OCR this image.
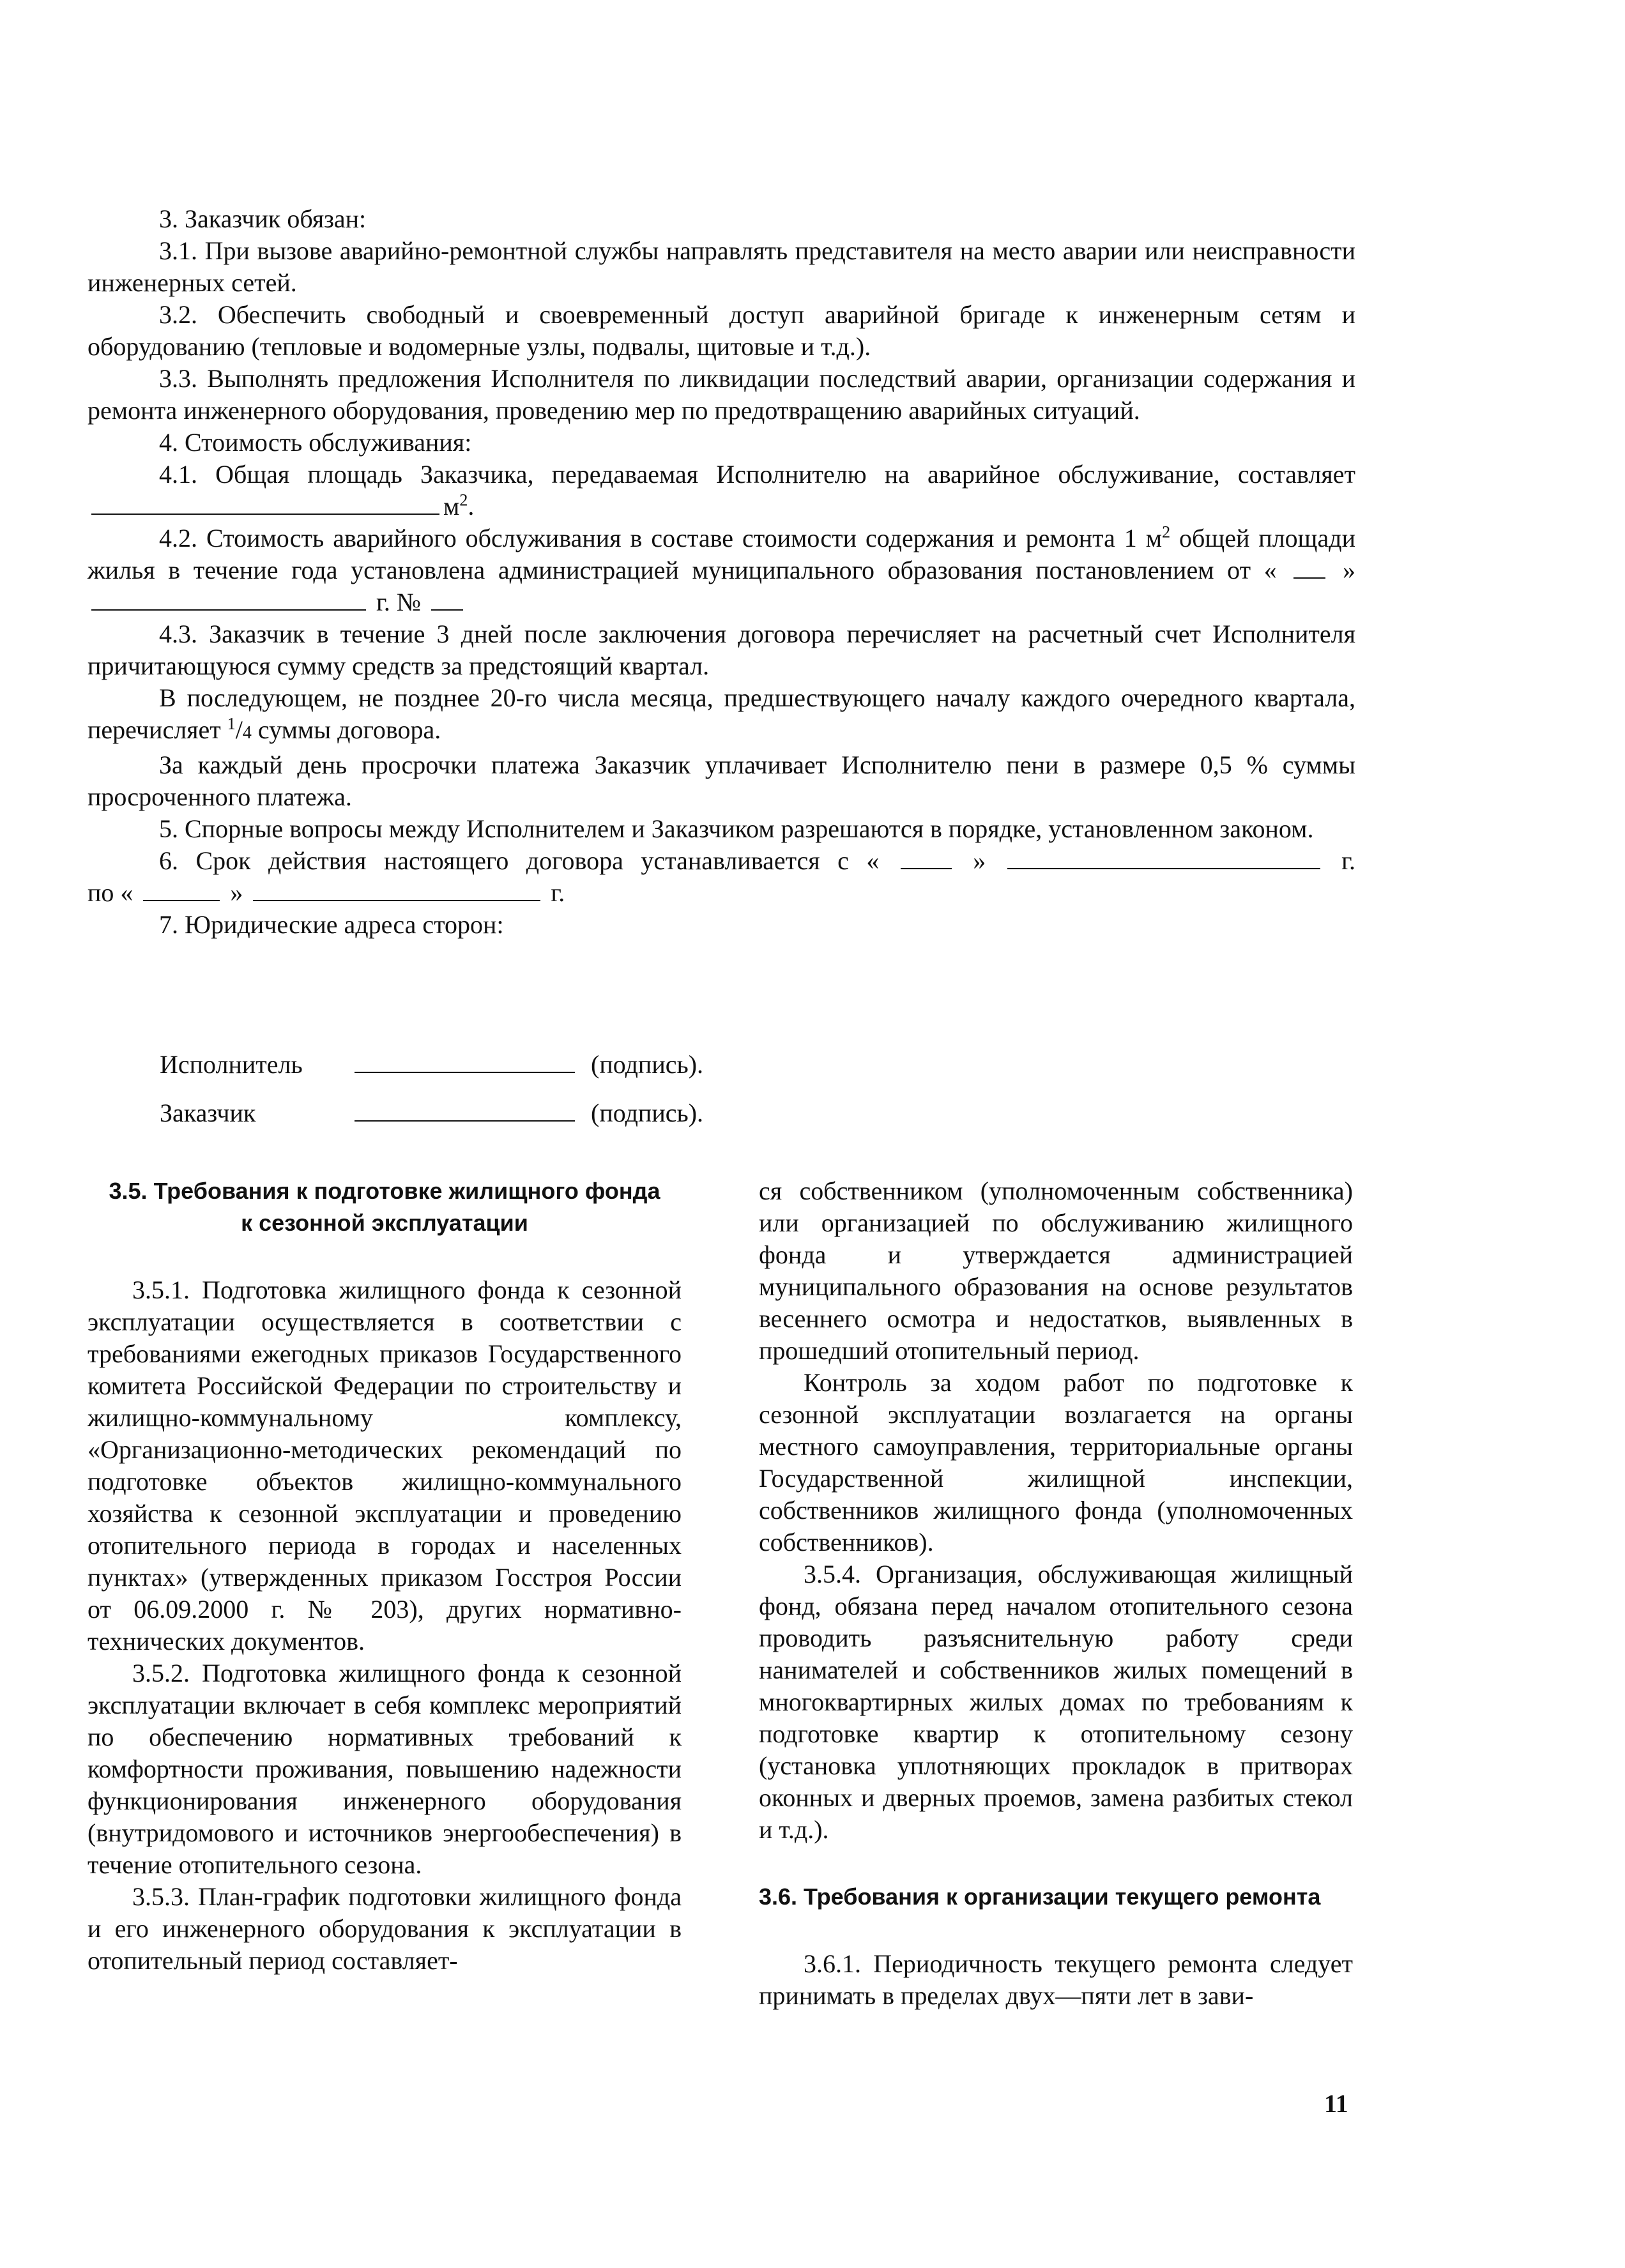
3. Заказчик обязан:

3.1. При вызове аварийно-ремонтной службы направлять представителя на место аварии или неисправности инженерных сетей.

3.2. Обеспечить свободный и своевременный доступ аварийной бригаде к инженерным сетям и оборудованию (тепловые и водомерные узлы, подвалы, щитовые и т.д.).

3.3. Выполнять предложения Исполнителя по ликвидации последствий аварии, организации содержания и ремонта инженерного оборудования, проведению мер по предотвращению аварийных ситуаций.

4. Стоимость обслуживания:

4.1. Общая площадь Заказчика, передаваемая Исполнителю на аварийное обслуживание, составляет $м^2$.

4.2. Стоимость аварийного обслуживания в составе стоимости содержания и ремонта 1 $м^2$ общей площади жилья в течение года установлена администрацией муниципального образования постановлением от «	»  г. №

4.3. Заказчик в течение 3 дней после заключения договора перечисляет на расчетный счет Исполнителя причитающуюся сумму средств за предстоящий квартал.

В последующем, не позднее 20-го числа месяца, предшествующего началу каждого очередного квартала, перечисляет $^1$/4 суммы договора.

За каждый день просрочки платежа Заказчик уплачивает Исполнителю пени в размере 0,5 % суммы просроченного платежа.

5. Спорные вопросы между Исполнителем и Заказчиком разрешаются в порядке, установленном законом.

6. Срок действия настоящего договора устанавливается с «	»	г.

по «	»	г.

7. Юридические адреса сторон:

Исполнитель	(подпись).
Заказчик	(подпись).
3.5. Требования к подготовке жилищного фонда
к сезонной эксплуатации

3.5.1. Подготовка жилищного фонда к сезонной эксплуатации осуществляется в соответствии с требованиями ежегодных приказов Государственного комитета Российской Федерации по строительству и жилищно-коммунальному комплексу, «Организационно-методических рекомендаций по подготовке объектов жилищно-коммунального хозяйства к сезонной эксплуатации и проведению отопительного периода в городах и населенных пунктах» (утвержденных приказом Госстроя России от 06.09.2000 г. № 203), других нормативно-технических документов.

3.5.2. Подготовка жилищного фонда к сезонной эксплуатации включает в себя комплекс мероприятий по обеспечению нормативных требований к комфортности проживания, повышению надежности функционирования инженерного оборудования (внутридомового и источников энергообеспечения) в течение отопительного сезона.

3.5.3. План-график подготовки жилищного фонда и его инженерного оборудования к эксплуатации в отопительный период составляет-

ся собственником (уполномоченным собственника) или организацией по обслуживанию жилищного фонда и утверждается администрацией муниципального образования на основе результатов весеннего осмотра и недостатков, выявленных в прошедший отопительный период.

Контроль за ходом работ по подготовке к сезонной эксплуатации возлагается на органы местного самоуправления, территориальные органы Государственной жилищной инспекции, собственников жилищного фонда (уполномоченных собственников).

3.5.4. Организация, обслуживающая жилищный фонд, обязана перед началом отопительного сезона проводить разъяснительную работу среди нанимателей и собственников жилых помещений в многоквартирных жилых домах по требованиям к подготовке квартир к отопительному сезону (установка уплотняющих прокладок в притворах оконных и дверных проемов, замена разбитых стекол и т.д.).

3.6. Требования к организации текущего ремонта

3.6.1. Периодичность текущего ремонта следует принимать в пределах двух—пяти лет в зави-

11
